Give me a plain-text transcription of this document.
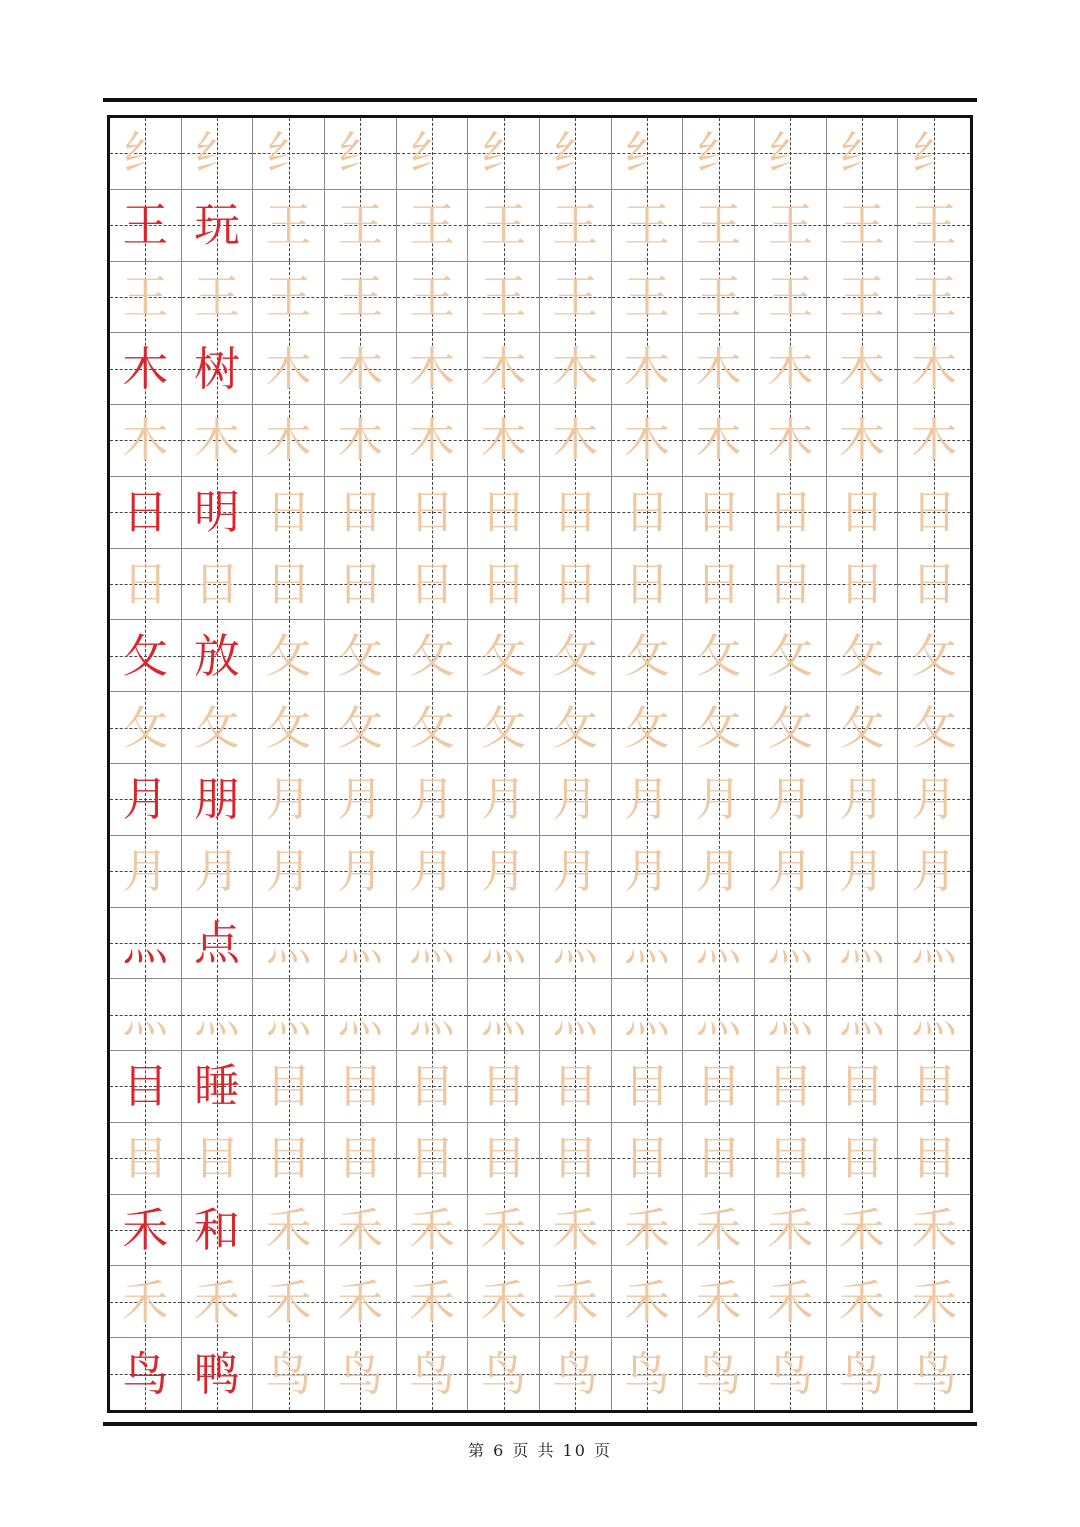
纟 纟 纟 纟 纟 纟 纟 纟 纟 纟 纟 纟
王 玩 王 王 王 王 王 王 王 王 王 王
王 王 王 王 王 王 王 王 王 王 王 王
木 树 木 木 木 木 木 木 木 木 木 木
木 木 木 木 木 木 木 木 木 木 木 木
日 明 日 日 日 日 日 日 日 日 日 日
日 日 日 日 日 日 日 日 日 日 日 日
攵 放 攵 攵 攵 攵 攵 攵 攵 攵 攵 攵
攵 攵 攵 攵 攵 攵 攵 攵 攵 攵 攵 攵
月 朋 月 月 月 月 月 月 月 月 月 月
月 月 月 月 月 月 月 月 月 月 月 月
灬 点 灬 灬 灬 灬 灬 灬 灬 灬 灬 灬
灬 灬 灬 灬 灬 灬 灬 灬 灬 灬 灬 灬
目 睡 目 目 目 目 目 目 目 目 目 目
目 目 目 目 目 目 目 目 目 目 目 目
禾 和 禾 禾 禾 禾 禾 禾 禾 禾 禾 禾
禾 禾 禾 禾 禾 禾 禾 禾 禾 禾 禾 禾
鸟 鸭 鸟 鸟 鸟 鸟 鸟 鸟 鸟 鸟 鸟 鸟
第 6 页 共 10 页
